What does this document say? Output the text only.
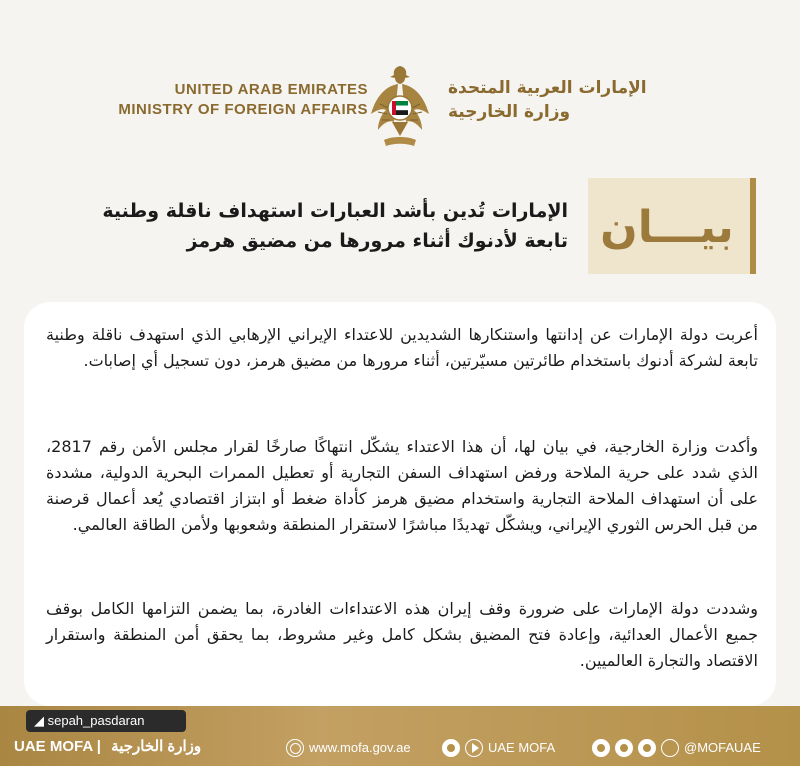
UNITED ARAB EMIRATES
MINISTRY OF FOREIGN AFFAIRS
الإمارات العربية المتحدة
وزارة الخارجية
الإمارات تُدين بأشد العبارات استهداف ناقلة وطنية تابعة لأدنوك أثناء مرورها من مضيق هرمز بيـــان

أعربت دولة الإمارات عن إدانتها واستنكارها الشديدين للاعتداء الإيراني الإرهابي الذي استهدف ناقلة وطنية تابعة لشركة أدنوك باستخدام طائرتين مسيّرتين، أثناء مرورها من مضيق هرمز، دون تسجيل أي إصابات.

وأكدت وزارة الخارجية، في بيان لها، أن هذا الاعتداء يشكّل انتهاكًا صارخًا لقرار مجلس الأمن رقم 2817، الذي شدد على حرية الملاحة ورفض استهداف السفن التجارية أو تعطيل الممرات البحرية الدولية، مشددة على أن استهداف الملاحة التجارية واستخدام مضيق هرمز كأداة ضغط أو ابتزاز اقتصادي يُعد أعمال قرصنة من قبل الحرس الثوري الإيراني، ويشكّل تهديدًا مباشرًا لاستقرار المنطقة وشعوبها ولأمن الطاقة العالمي.

وشددت دولة الإمارات على ضرورة وقف إيران هذه الاعتداءات الغادرة، بما يضمن التزامها الكامل بوقف جميع الأعمال العدائية، وإعادة فتح المضيق بشكل كامل وغير مشروط، بما يحقق أمن المنطقة واستقرار الاقتصاد والتجارة العالميين.

◢ sepah_pasdaran
UAE MOFA | وزارة الخارجية	www.mofa.gov.ae	UAE MOFA	@MOFAUAE
